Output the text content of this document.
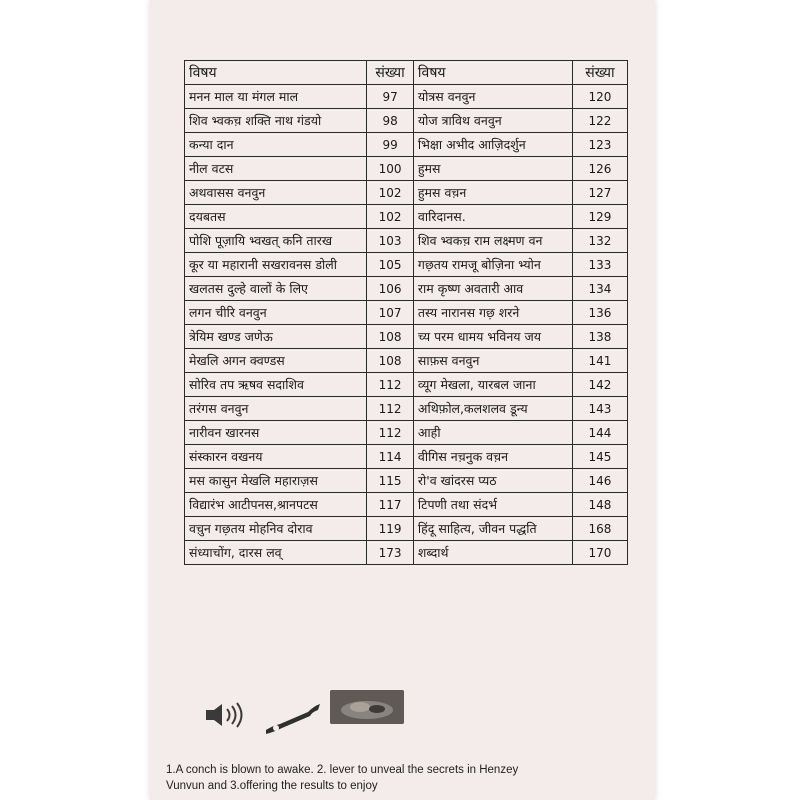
विषय	संख्या	विषय	संख्या
मनन माल या मंगल माल	97	योत्रस वनवुन	120
शिव भ्वकच़ शक्ति नाथ गंडयो	98	योज त्राविथ वनवुन	122
कन्या दान	99	भिक्षा अभीद आज़िदर्शुन	123
नील वटस	100	हुमस	126
अथवासस वनवुन	102	हुमस वच़न	127
दयबतस	102	वारिदानस.	129
पोशि पूज़ायि भ्वखत् कनि तारख	103	शिव भ्वकच़ राम लक्ष्मण वन	132
कूर या महारानी सखरावनस डोली	105	गछ़तय रामजू बोज़िना भ्योन	133
खलतस दुल्हे वालों के लिए	106	राम कृष्ण अवतारी आव	134
लगन चीरि वनवुन	107	तस्य नारानस गछ़ शरने	136
त्रेयिम खण्ड जणेऊ	108	च्य परम धामय भविनय जय	138
मेखलि अगन क्वण्डस	108	साफ़स वनवुन	141
सोरिव तप ऋषव सदाशिव	112	व्यूग मेखला, यारबल जाना	142
तरंगस वनवुन	112	अथिफ़ोल,कलशलव डून्य	143
नारीवन खारनस	112	आही	144
संस्कारन वखनय	114	वीगिस नच़नुक वच़न	145
मस कासुन मेखलि महाराज़स	115	रो'व खांदरस प्यठ	146
विद्यारंभ आटीपनस,श्रानपटस	117	टिपणी तथा संदर्भ	148
वच़ुन गछ़तय मोहनिव दोराव	119	हिंदू साहित्य, जीवन पद्धति	168
संध्याचोंग, दारस लव्	173	शब्दार्थ	170
1.A conch is blown to awake. 2. lever to unveal the secrets in Henzey
Vunvun and 3.offering the results to enjoy
